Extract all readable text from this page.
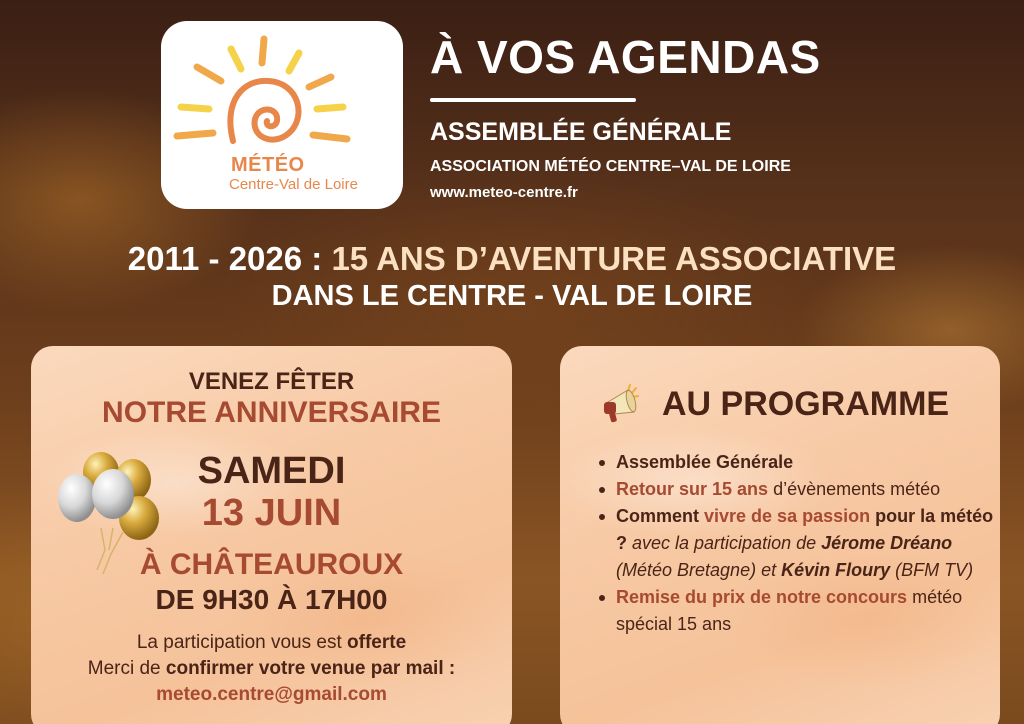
MÉTÉO
Centre-Val de Loire
À VOS AGENDAS
ASSEMBLÉE GÉNÉRALE
ASSOCIATION MÉTÉO CENTRE–VAL DE LOIRE
www.meteo-centre.fr
2011 - 2026 : 15 ANS D’AVENTURE ASSOCIATIVE
DANS LE CENTRE - VAL DE LOIRE
VENEZ FÊTER
NOTRE ANNIVERSAIRE
SAMEDI
13 JUIN
À CHÂTEAUROUX
DE 9H30 À 17H00
La participation vous est offerte
Merci de confirmer votre venue par mail :
meteo.centre@gmail.com
AU PROGRAMME
Assemblée Générale
Retour sur 15 ans d’évènements météo
Comment vivre de sa passion pour la météo ? avec la participation de Jérome Dréano (Météo Bretagne) et Kévin Floury (BFM TV)
Remise du prix de notre concours météo spécial 15 ans
